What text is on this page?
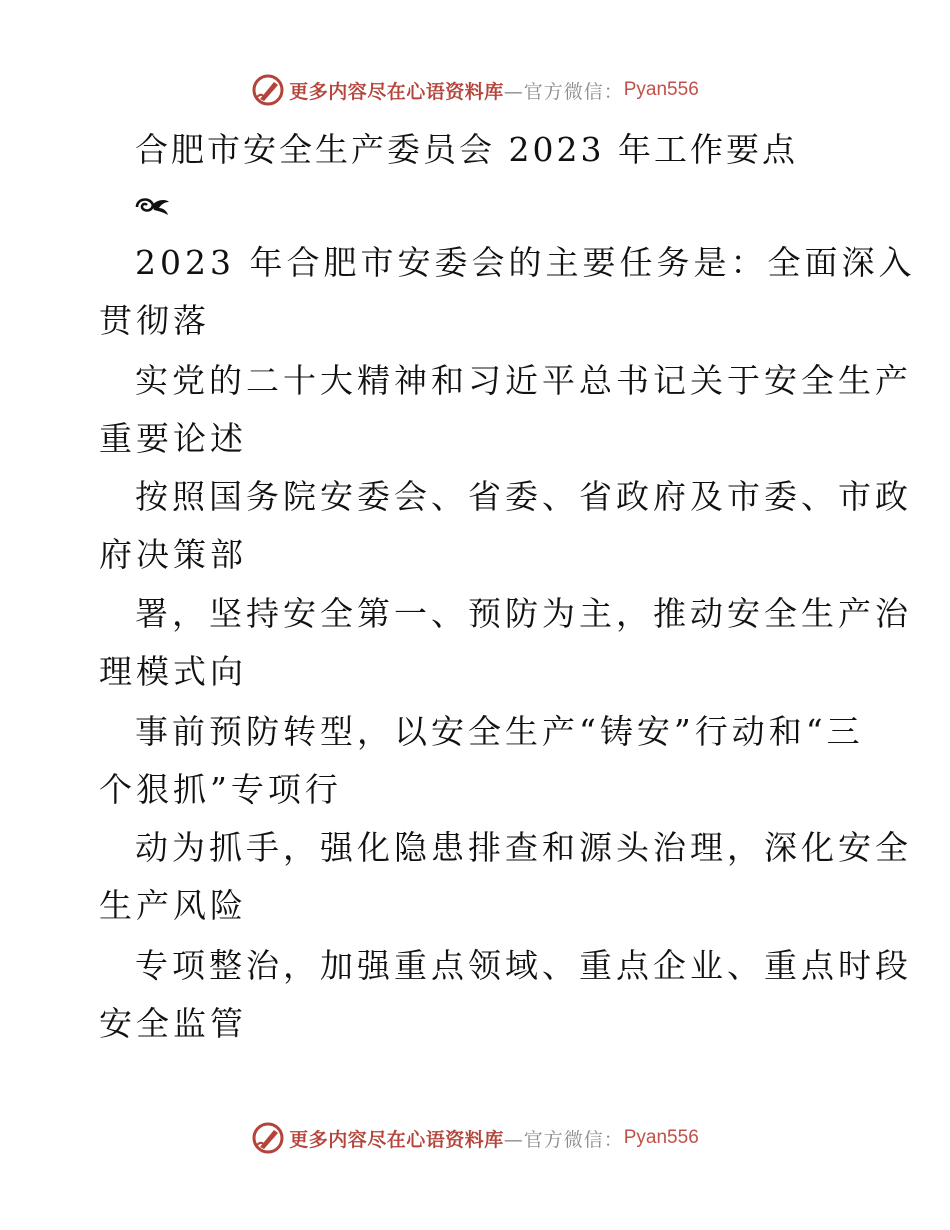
更多内容尽在心语资料库 —官方微信： Pyan556
合肥市安全生产委员会 2023 年工作要点
2023 年合肥市安委会的主要任务是：全面深入
贯彻落
实党的二十大精神和习近平总书记关于安全生产
重要论述
按照国务院安委会、省委、省政府及市委、市政
府决策部
署，坚持安全第一、预防为主，推动安全生产治
理模式向
事前预防转型，以安全生产“铸安”行动和“三
个狠抓”专项行
动为抓手，强化隐患排查和源头治理，深化安全
生产风险
专项整治，加强重点领域、重点企业、重点时段
安全监管
更多内容尽在心语资料库 —官方微信： Pyan556
